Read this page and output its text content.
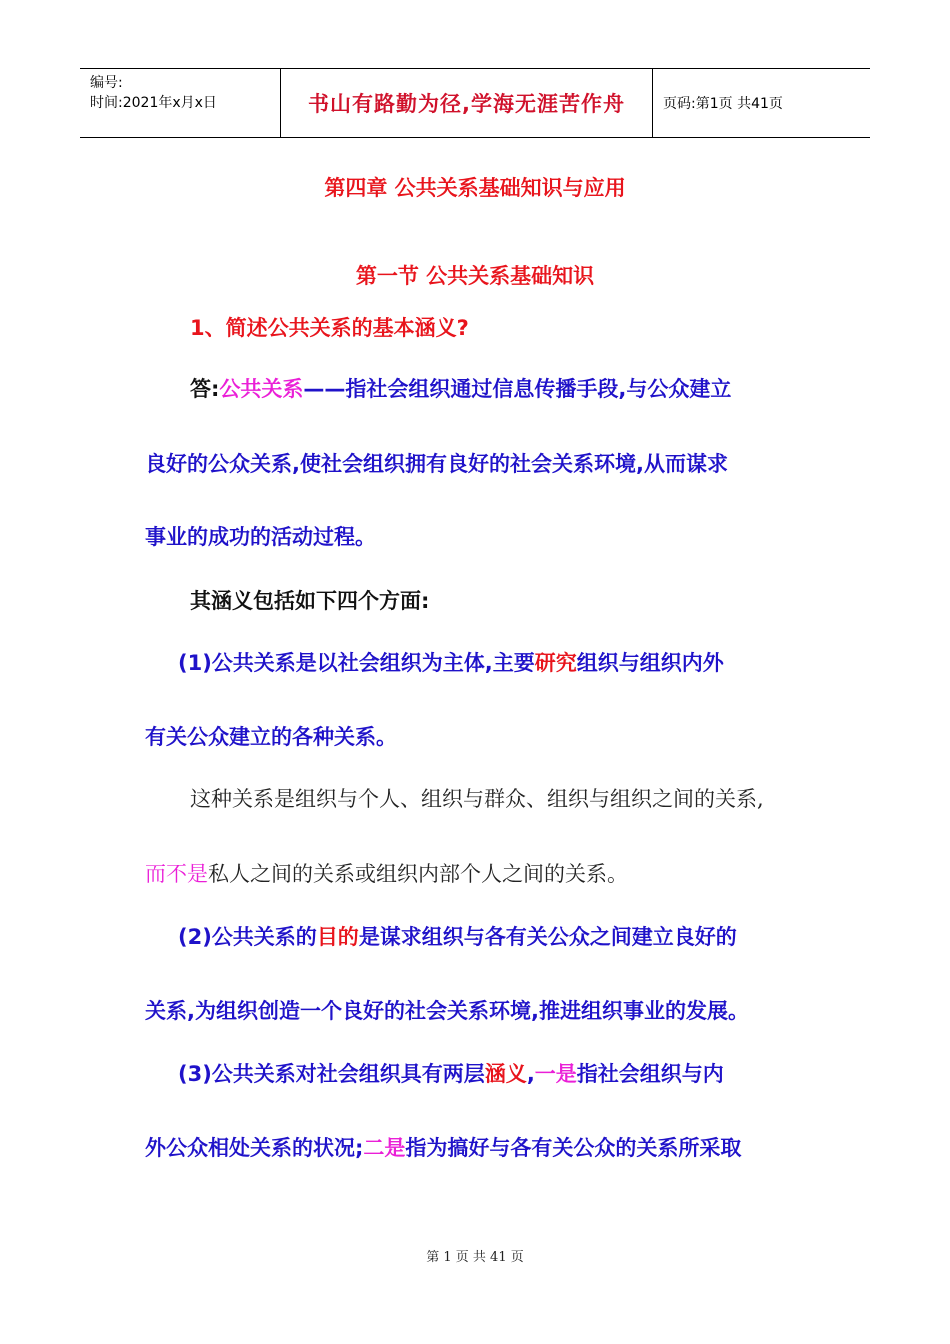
编号:
时间:2021年x月x日	书山有路勤为径,学海无涯苦作舟	页码:第1页 共41页
第四章 公共关系基础知识与应用
第一节 公共关系基础知识
1、简述公共关系的基本涵义?
答:公共关系——指社会组织通过信息传播手段,与公众建立
良好的公众关系,使社会组织拥有良好的社会关系环境,从而谋求
事业的成功的活动过程。
其涵义包括如下四个方面:
(1)公共关系是以社会组织为主体,主要研究组织与组织内外
有关公众建立的各种关系。
这种关系是组织与个人、组织与群众、组织与组织之间的关系,
而不是私人之间的关系或组织内部个人之间的关系。
(2)公共关系的目的是谋求组织与各有关公众之间建立良好的
关系,为组织创造一个良好的社会关系环境,推进组织事业的发展。
(3)公共关系对社会组织具有两层涵义,一是指社会组织与内
外公众相处关系的状况;二是指为搞好与各有关公众的关系所采取
第 1 页 共 41 页
